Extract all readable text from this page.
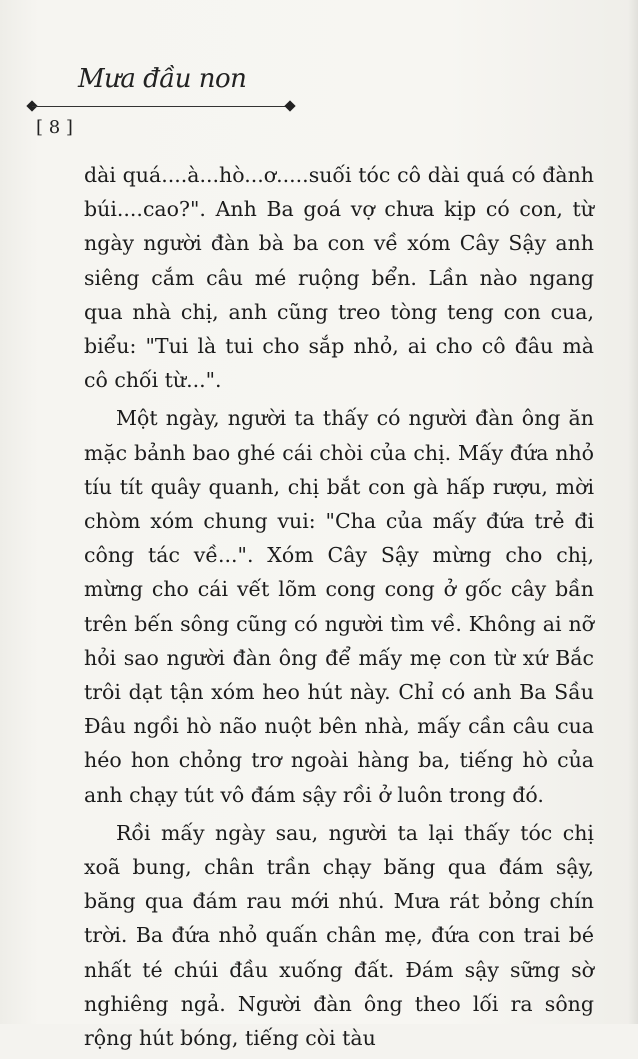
Mưa đầu non
[ 8 ]

dài quá....à...hò...ơ.....suối tóc cô dài quá có đành búi....cao?". Anh Ba goá vợ chưa kịp có con, từ ngày người đàn bà ba con về xóm Cây Sậy anh siêng cắm câu mé ruộng bển. Lần nào ngang qua nhà chị, anh cũng treo tòng teng con cua, biểu: "Tui là tui cho sắp nhỏ, ai cho cô đâu mà cô chối từ...".

Một ngày, người ta thấy có người đàn ông ăn mặc bảnh bao ghé cái chòi của chị. Mấy đứa nhỏ tíu tít quây quanh, chị bắt con gà hấp rượu, mời chòm xóm chung vui: "Cha của mấy đứa trẻ đi công tác về...". Xóm Cây Sậy mừng cho chị, mừng cho cái vết lõm cong cong ở gốc cây bần trên bến sông cũng có người tìm về. Không ai nỡ hỏi sao người đàn ông để mấy mẹ con từ xứ Bắc trôi dạt tận xóm heo hút này. Chỉ có anh Ba Sầu Đâu ngồi hò não nuột bên nhà, mấy cần câu cua héo hon chỏng trơ ngoài hàng ba, tiếng hò của anh chạy tút vô đám sậy rồi ở luôn trong đó.

Rồi mấy ngày sau, người ta lại thấy tóc chị xoã bung, chân trần chạy băng qua đám sậy, băng qua đám rau mới nhú. Mưa rát bỏng chín trời. Ba đứa nhỏ quấn chân mẹ, đứa con trai bé nhất té chúi đầu xuống đất. Đám sậy sững sờ nghiêng ngả. Người đàn ông theo lối ra sông rộng hút bóng, tiếng còi tàu
